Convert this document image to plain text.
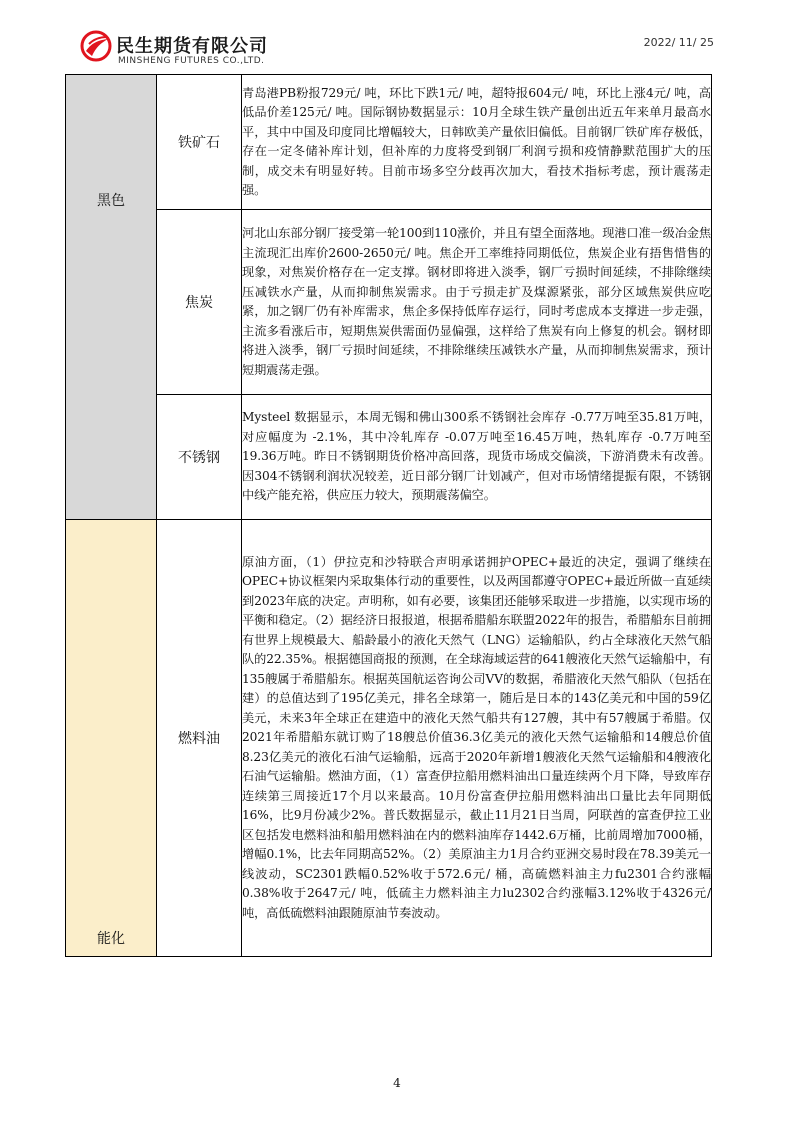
民生期货有限公司
MINSHENG FUTURES CO.,LTD.
2022/ 11/ 25
黑色	铁矿石	青岛港PB粉报729元/ 吨，环比下跌1元/ 吨，超特报604元/ 吨，环比上涨4元/ 吨，高低品价差125元/ 吨。国际钢协数据显示：10月全球生铁产量创出近五年来单月最高水平，其中中国及印度同比增幅较大，日韩欧美产量依旧偏低。目前钢厂铁矿库存极低，存在一定冬储补库计划，但补库的力度将受到钢厂利润亏损和疫情静默范围扩大的压制，成交未有明显好转。目前市场多空分歧再次加大，看技术指标考虑，预计震荡走强。
	焦炭	河北山东部分钢厂接受第一轮100到110涨价，并且有望全面落地。现港口准一级冶金焦主流现汇出库价2600-2650元/ 吨。焦企开工率维持同期低位，焦炭企业有捂售惜售的现象，对焦炭价格存在一定支撑。钢材即将进入淡季，钢厂亏损时间延续，不排除继续压减铁水产量，从而抑制焦炭需求。由于亏损走扩及煤源紧张，部分区域焦炭供应吃紧，加之钢厂仍有补库需求，焦企多保持低库存运行，同时考虑成本支撑进一步走强，主流多看涨后市，短期焦炭供需面仍显偏强，这样给了焦炭有向上修复的机会。钢材即将进入淡季，钢厂亏损时间延续，不排除继续压减铁水产量，从而抑制焦炭需求，预计短期震荡走强。
	不锈钢	Mysteel 数据显示，本周无锡和佛山300系不锈钢社会库存 -0.77万吨至35.81万吨，对应幅度为 -2.1%，其中冷轧库存 -0.07万吨至16.45万吨，热轧库存 -0.7万吨至19.36万吨。昨日不锈钢期货价格冲高回落，现货市场成交偏淡，下游消费未有改善。因304不锈钢利润状况较差，近日部分钢厂计划减产，但对市场情绪提振有限，不锈钢中线产能充裕，供应压力较大，预期震荡偏空。

能化	燃料油	原油方面，（1）伊拉克和沙特联合声明承诺拥护OPEC+最近的决定，强调了继续在OPEC+协议框架内采取集体行动的重要性，以及两国都遵守OPEC+最近所做一直延续到2023年底的决定。声明称，如有必要，该集团还能够采取进一步措施，以实现市场的平衡和稳定。（2）据经济日报报道，根据希腊船东联盟2022年的报告，希腊船东目前拥有世界上规模最大、船龄最小的液化天然气（LNG）运输船队，约占全球液化天然气船队的22.35%。根据德国商报的预测，在全球海域运营的641艘液化天然气运输船中，有135艘属于希腊船东。根据英国航运咨询公司VV的数据，希腊液化天然气船队（包括在建）的总值达到了195亿美元，排名全球第一，随后是日本的143亿美元和中国的59亿美元，未来3年全球正在建造中的液化天然气船共有127艘，其中有57艘属于希腊。仅2021年希腊船东就订购了18艘总价值36.3亿美元的液化天然气运输船和14艘总价值8.23亿美元的液化石油气运输船，远高于2020年新增1艘液化天然气运输船和4艘液化石油气运输船。燃油方面，（1）富查伊拉船用燃料油出口量连续两个月下降，导致库存连续第三周接近17个月以来最高。10月份富查伊拉船用燃料油出口量比去年同期低16%，比9月份减少2%。普氏数据显示，截止11月21日当周，阿联酋的富查伊拉工业区包括发电燃料油和船用燃料油在内的燃料油库存1442.6万桶，比前周增加7000桶，增幅0.1%，比去年同期高52%。（2）美原油主力1月合约亚洲交易时段在78.39美元一线波动，SC2301跌幅0.52%收于572.6元/ 桶，高硫燃料油主力fu2301合约涨幅0.38%收于2647元/ 吨，低硫主力燃料油主力lu2302合约涨幅3.12%收于4326元/ 吨，高低硫燃料油跟随原油节奏波动。
4
